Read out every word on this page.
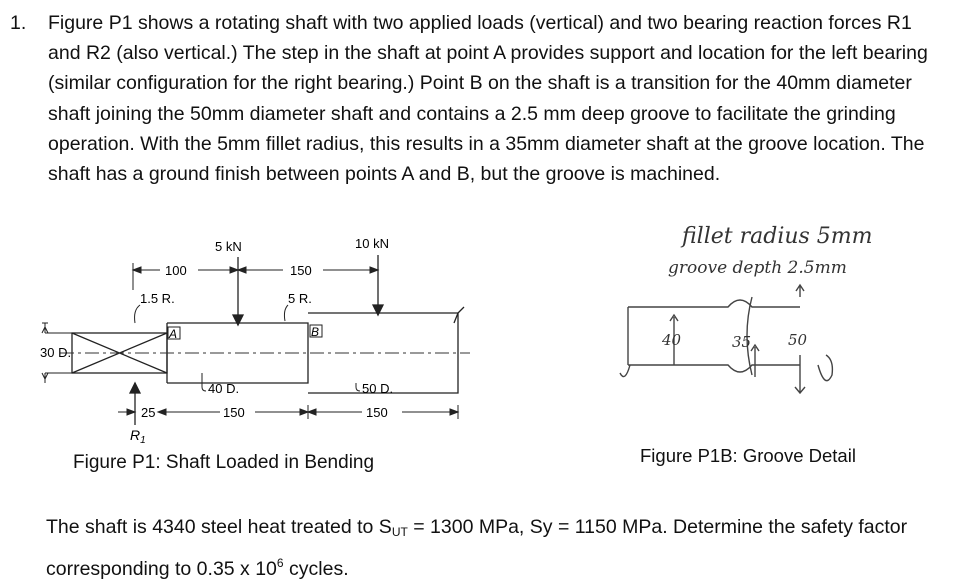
1.	Figure P1 shows a rotating shaft with two applied loads (vertical) and two bearing reaction forces R1 and R2 (also vertical.) The step in the shaft at point A provides support and location for the left bearing (similar configuration for the right bearing.) Point B on the shaft is a transition for the 40mm diameter shaft joining the 50mm diameter shaft and contains a 2.5 mm deep groove to facilitate the grinding operation. With the 5mm fillet radius, this results in a 35mm diameter shaft at the groove location. The shaft has a ground finish between points A and B, but the groove is machined.
30 D.
5 kN	10 kN
100	150
1.5 R.	5 R.
A	B
40 D.	50 D.
$R_1$
25	150	150
Figure P1: Shaft Loaded in Bending
fillet radius 5mm
groove depth 2.5mm
40	35 50
Figure P1B: Groove Detail
The shaft is 4340 steel heat treated to $S_{UT} = 1300$ MPa, Sy = 1150 MPa. Determine the safety factor corresponding to 0.35 x $10^6$ cycles.
